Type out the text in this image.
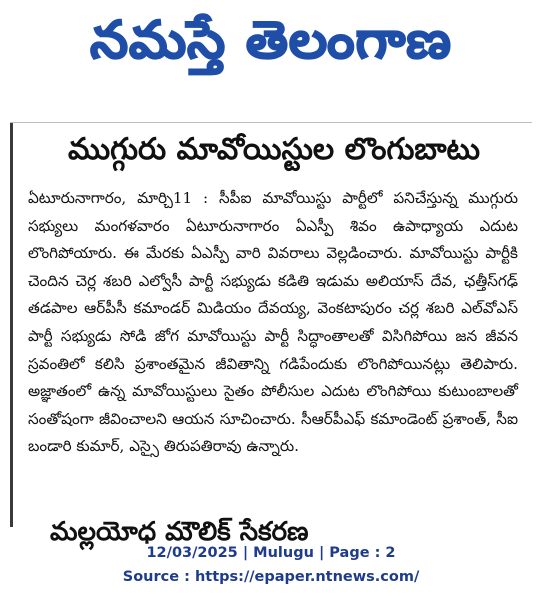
నమస్తే తెలంగాణ
ముగ్గురు మావోయిస్టుల లొంగుబాటు
ఏటూరునాగారం, మార్చి11 : సీపీఐ మావోయిస్టు పార్టీలో పనిచేస్తున్న ముగ్గురు సభ్యులు మంగళవారం ఏటూరునాగారం ఏఎస్పీ శివం ఉపాధ్యాయ ఎదుట లొంగిపోయారు. ఈ మేరకు ఏఎస్పీ వారి వివరాలు వెల్లడించారు. మావోయిస్టు పార్టీకి చెందిన చెర్ల శబరి ఎల్వోసీ పార్టీ సభ్యుడు కడితి ఇడుమ అలియాస్ దేవ, ఛత్తీస్‌గఢ్ తడపాల ఆర్‌పీసీ కమాండర్ మిడియం దేవయ్య, వెంకటాపురం చర్ల శబరి ఎల్‌వోఎస్ పార్టీ సభ్యుడు సోడి జోగ మావోయిస్టు పార్టీ సిద్ధాంతాలతో విసిగిపోయి జన జీవన స్రవంతిలో కలిసి ప్రశాంతమైన జీవితాన్ని గడిపేందుకు లొంగిపోయినట్లు తెలిపారు. అజ్ఞాతంలో ఉన్న మావోయిస్టులు సైతం పోలీసుల ఎదుట లొంగిపోయి కుటుంబాలతో సంతోషంగా జీవించాలని ఆయన సూచించారు. సీఆర్‌పీఎఫ్ కమాండెంట్ ప్రశాంత్, సీఐ బండారి కుమార్, ఎస్సై తిరుపతిరావు ఉన్నారు.
మల్లయోధ మౌలిక్ సేకరణ
12/03/2025 | Mulugu | Page : 2
Source : https://epaper.ntnews.com/
